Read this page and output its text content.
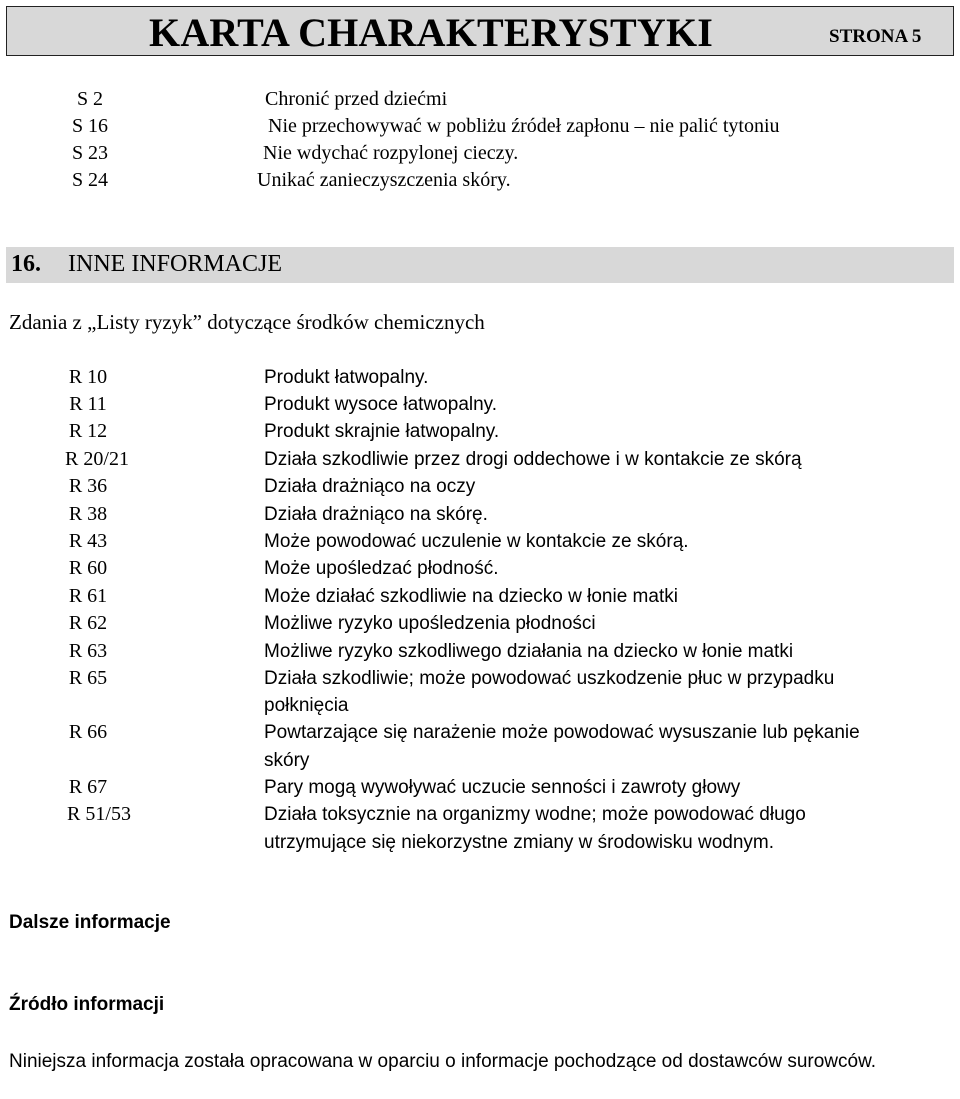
KARTA CHARAKTERYSTYKI	STRONA 5
S 2	Chronić przed dziećmi
S 16	Nie przechowywać w pobliżu źródeł zapłonu – nie palić tytoniu
S 23	Nie wdychać rozpylonej cieczy.
S 24	Unikać zanieczyszczenia skóry.
16. INNE INFORMACJE
Zdania z „Listy ryzyk” dotyczące środków chemicznych
R 10	Produkt łatwopalny.
R 11	Produkt wysoce łatwopalny.
R 12	Produkt skrajnie łatwopalny.
R 20/21	Działa szkodliwie przez drogi oddechowe i w kontakcie ze skórą
R 36	Działa drażniąco na oczy
R 38	Działa drażniąco na skórę.
R 43	Może powodować uczulenie w kontakcie ze skórą.
R 60	Może upośledzać płodność.
R 61	Może działać szkodliwie na dziecko w łonie matki
R 62	Możliwe ryzyko upośledzenia płodności
R 63	Możliwe ryzyko szkodliwego działania na dziecko w łonie matki
R 65	Działa szkodliwie; może powodować uszkodzenie płuc w przypadku
połknięcia
R 66	Powtarzające się narażenie może powodować wysuszanie lub pękanie
skóry
R 67	Pary mogą wywoływać uczucie senności i zawroty głowy
R 51/53	Działa toksycznie na organizmy wodne; może powodować długo
utrzymujące się niekorzystne zmiany w środowisku wodnym.
Dalsze informacje
Źródło informacji
Niniejsza informacja została opracowana w oparciu o informacje pochodzące od dostawców surowców.
